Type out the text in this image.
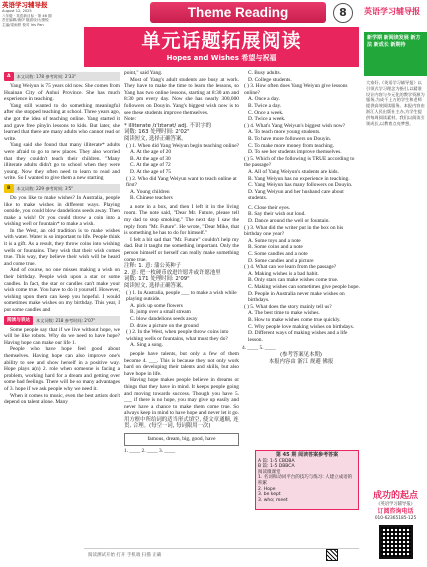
英语学习辅导报
August 12, 2025
八年级 · 英语新目标 · 第 46 期
责任编辑/唐伊 版面设计/康锐
主编/梁雨婷 校对 Iris Pan
Theme Reading	8	英语学习辅导报
单元话题拓展阅读
Hopes and Wishes 希望与祝福
A	本文词数: 178 参考时间: 2'33"

Yang Weiyun is 75 years old now. She comes from Huainan City of Anhui Province. She has much experience in teaching.

Yang still wanted to do something meaningful after she stopped teaching at school. Three years ago, she got the idea of teaching online. Yang started it and gave free pīnyīn lessons to kids. But later, she learned that there are many adults who cannot read or write.

Yang said she found that many illiterate* adults were afraid to go to new places. They also worried that they couldn't teach their children. "Many illiterate adults didn't go to school when they were young. Now they often need to learn to read and write. So I wanted to give them a new starting

B	本文词数: 229 参考时间: 3'5"

Do you like to make wishes? In Australia, people like to make wishes in different ways. Playing outside, you could blow dandelions seeds away. Then make a wish! Or you could throw a coin into a wishing well or fountain* to make a wish.

In the West, an old tradition is to make wishes with water. Water is so important to life. People think it is a gift. As a result, they throw coins into wishing wells or fountains. They wish that their wish comes true. This way, they believe their wish will be heard and come true.

And of course, no one misses making a wish on their birthday. People wish upon a star or some candles. In fact, the star or candles can't make your wish come true. You have to do it yourself. However, wishing upon them can keep you hopeful. I would sometimes make wishes on my birthday. This year, I put some candles and

阅读与表达	本文词数: 218 参考时间: 2'07"

Some people say that if we live without hope, we will be like robots. Why do we need to have hope? Having hope can make our life 1.

People who have hope feel good about themselves. Having hope can also improve one's ability to see and show herself in a positive way. Hope plays a(n) 2. role when someone is facing a problem, working hard for a dream and getting over some bad feelings. There will be so many advantages of 3. hope if we ask people why we need it.

When it comes to music, even the best artists don't depend on talent alone. Many

point," said Yang.

Most of Yang's adult students are busy at work. They have to make the time to learn the lessons, so Yang has two online lessons, starting at 8:30 am and 8:30 pm every day. Now she has nearly 300,000 followers on Douyin. Yang's biggest wish now is to see these students improve themselves.

Note:
* illiterate /ɪˈlɪtərət/ adj. 不识字的
词数: 163 处理时间: 2'02"
阅读短文, 选择正确答案。
( ) 1. When did Yang Weiyun begin teaching online?
A. At the age of 20
B. At the age of 30
C. At the age of 72
D. At the age of 75
( ) 2. Who did Yang Weiyun want to teach online at first?
A. Young children
B. Chinese teachers

a note in a box, and then I left it in the living room. The note said, "Dear Mr. Future, please tell my dad to stop smoking." The next day I saw the reply from "Mr. Future". He wrote, "Dear Mike, that is something he has to do for himself."

I felt a bit sad that "Mr. Future" couldn't help my dad. But it taught me something important. Only the person himself or herself can really make something come true.

注释: 1. 意: 蒲公英种子
2. 意: 把一枚硬币放进许愿井或许愿池里
词数: 171 处理时间: 2'09"
阅读短文, 选择正确答案。
( ) 1. In Australia, people ___ to make a wish while playing outside.
A. pick up some flowers
B. jump over a small stream
C. blow dandelions seeds away
D. draw a picture on the ground
( ) 2. In the West, when people throw coins into wishing wells or fountains, what must they do?
A. Sing a song.

people have talents, but only a few of them become 4. ___. This is because they not only work hard on developing their talents and skills, but also have hope in life.

Having hope makes people believe in dreams or things that they have in mind. It keeps people going and moving towards success. Though you have 5. ___ if there is no hope, you may give up easily and never have a chance to make them come true. So always keep in mind to have hope and never let it go.

用方框中所给词的适当形式填空, 使文章通顺, 连贯, 合理。(每空一词, 每词限用一次)
famous, dream, big, good, have
1. ____ 2. ____ 3. ____
C. Busy adults.
D. College students.
( ) 3. How often does Yang Weiyun give lessons online?
A. Once a day.
B. Twice a day.
C. Once a week.
D. Twice a week.
( ) 4. What's Yang Weiyun's biggest wish now?
A. To teach more young students.
B. To have more followers on Douyin.
C. To make more money from teaching.
D. To see her students improve themselves.
( ) 5. Which of the following is TRUE according to the passage?
A. All of Yang Weiyun's students are kids.
B. Yang Weiyun has no experience in teaching.
C. Yang Weiyun has many followers on Douyin.
D. Yang Weiyun and her husband care about students.
C. Close their eyes.
B. Say their wish out loud.
D. Dance around the well or fountain.
( ) 3. What did the writer put in the box on his birthday one year?
A. Some toys and a note
B. Some coins and a note
C. Some candles and a note
D. Some candies and a picture
( ) 4. What can we learn from the passage?
A. Making wishes is a bad habit.
B. Only stars can make wishes come true.
C. Making wishes can sometimes give people hope.
D. People in Australia never make wishes on birthdays.
( ) 5. What does the story mainly tell us?
A. The best time to make wishes.
B. How to make wishes come true quickly.
C. Why people love making wishes on birthdays.
D. Different ways of making wishes and a life lesson.
4. ____ 5. ____
(参考答案见本期)
本报内容由 浙江 规避 佛报
第 45 期 阅读答案参考答案
A 篇: 1-5 CBDBA
B 篇: 1-5 DBBCA
阅读微课堂
1. 名词和动词平台的技巧与练习: 人建立成语的积累
2. Hope
3. be kept
3. who; meet
新学期 新阅读发展 新方法 新成长 新期待
大家好,《英语学习辅导报》以引领式学习理念为指引,以精准设计内容与多元化的教学资源为服务,为成千上万的学生和老师提供高效阅读服务。本报内容由浙江人民出版社主办,为学生提供每周阅读素材。我们以阅读引领成长,以教育点亮梦想。
成功的起点
《英语学习辅导报》
订阅咨询电话
010-62365185-125
阅读测试开始 打开 手机端 扫描 正确
